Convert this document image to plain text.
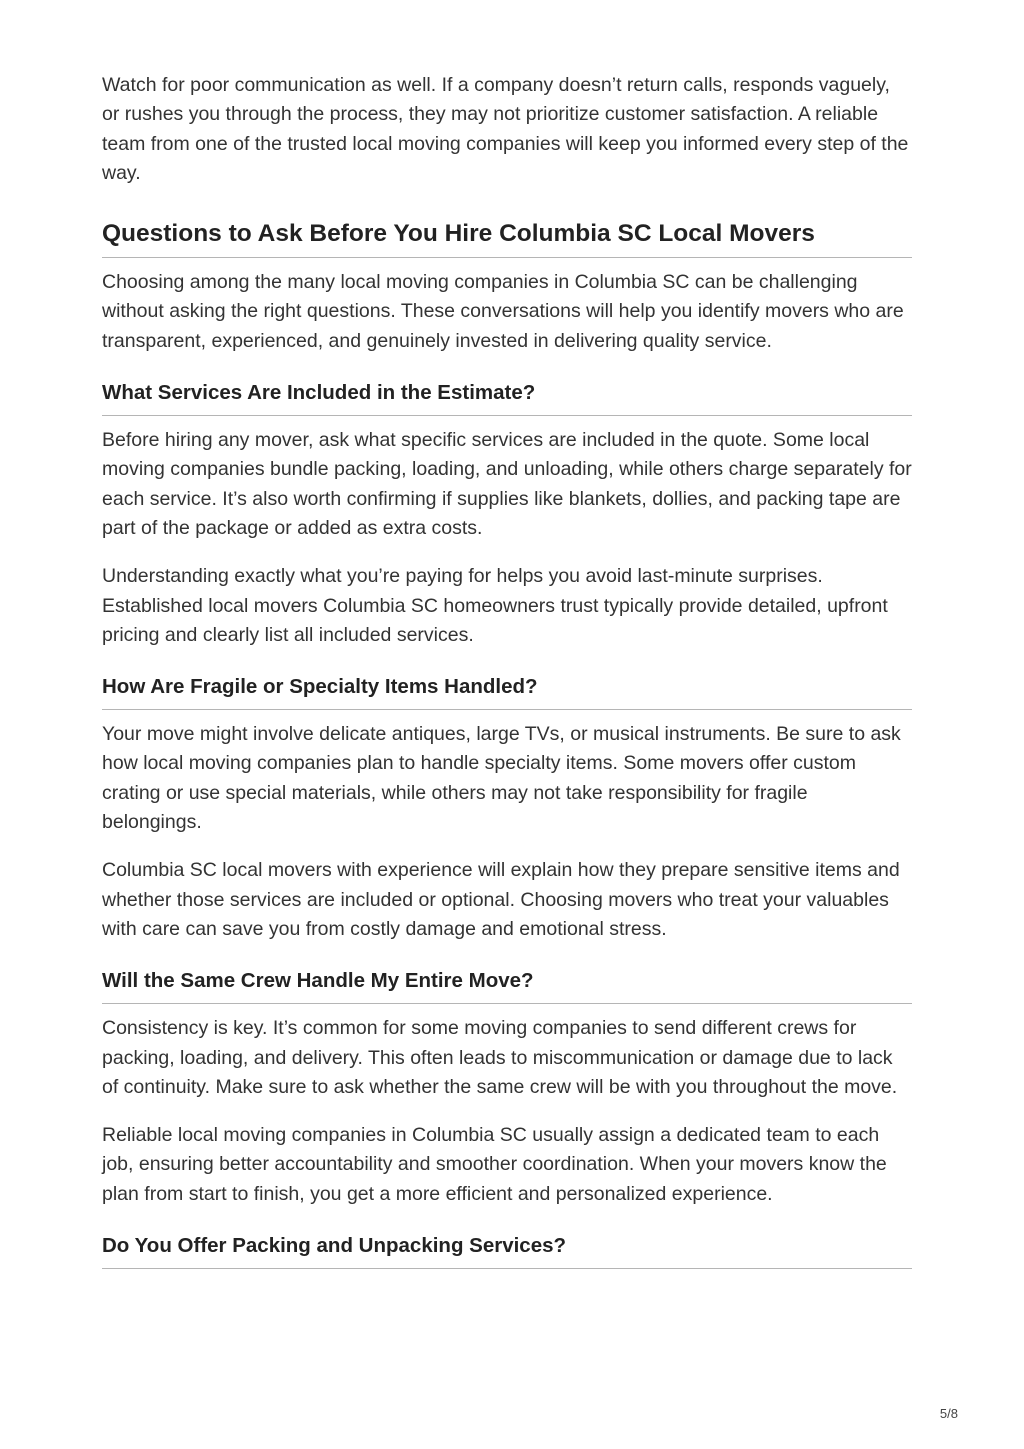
Watch for poor communication as well. If a company doesn’t return calls, responds vaguely, or rushes you through the process, they may not prioritize customer satisfaction. A reliable team from one of the trusted local moving companies will keep you informed every step of the way.

Questions to Ask Before You Hire Columbia SC Local Movers

Choosing among the many local moving companies in Columbia SC can be challenging without asking the right questions. These conversations will help you identify movers who are transparent, experienced, and genuinely invested in delivering quality service.

What Services Are Included in the Estimate?

Before hiring any mover, ask what specific services are included in the quote. Some local moving companies bundle packing, loading, and unloading, while others charge separately for each service. It’s also worth confirming if supplies like blankets, dollies, and packing tape are part of the package or added as extra costs.

Understanding exactly what you’re paying for helps you avoid last-minute surprises. Established local movers Columbia SC homeowners trust typically provide detailed, upfront pricing and clearly list all included services.

How Are Fragile or Specialty Items Handled?

Your move might involve delicate antiques, large TVs, or musical instruments. Be sure to ask how local moving companies plan to handle specialty items. Some movers offer custom crating or use special materials, while others may not take responsibility for fragile belongings.

Columbia SC local movers with experience will explain how they prepare sensitive items and whether those services are included or optional. Choosing movers who treat your valuables with care can save you from costly damage and emotional stress.

Will the Same Crew Handle My Entire Move?

Consistency is key. It’s common for some moving companies to send different crews for packing, loading, and delivery. This often leads to miscommunication or damage due to lack of continuity. Make sure to ask whether the same crew will be with you throughout the move.

Reliable local moving companies in Columbia SC usually assign a dedicated team to each job, ensuring better accountability and smoother coordination. When your movers know the plan from start to finish, you get a more efficient and personalized experience.

Do You Offer Packing and Unpacking Services?
5/8
